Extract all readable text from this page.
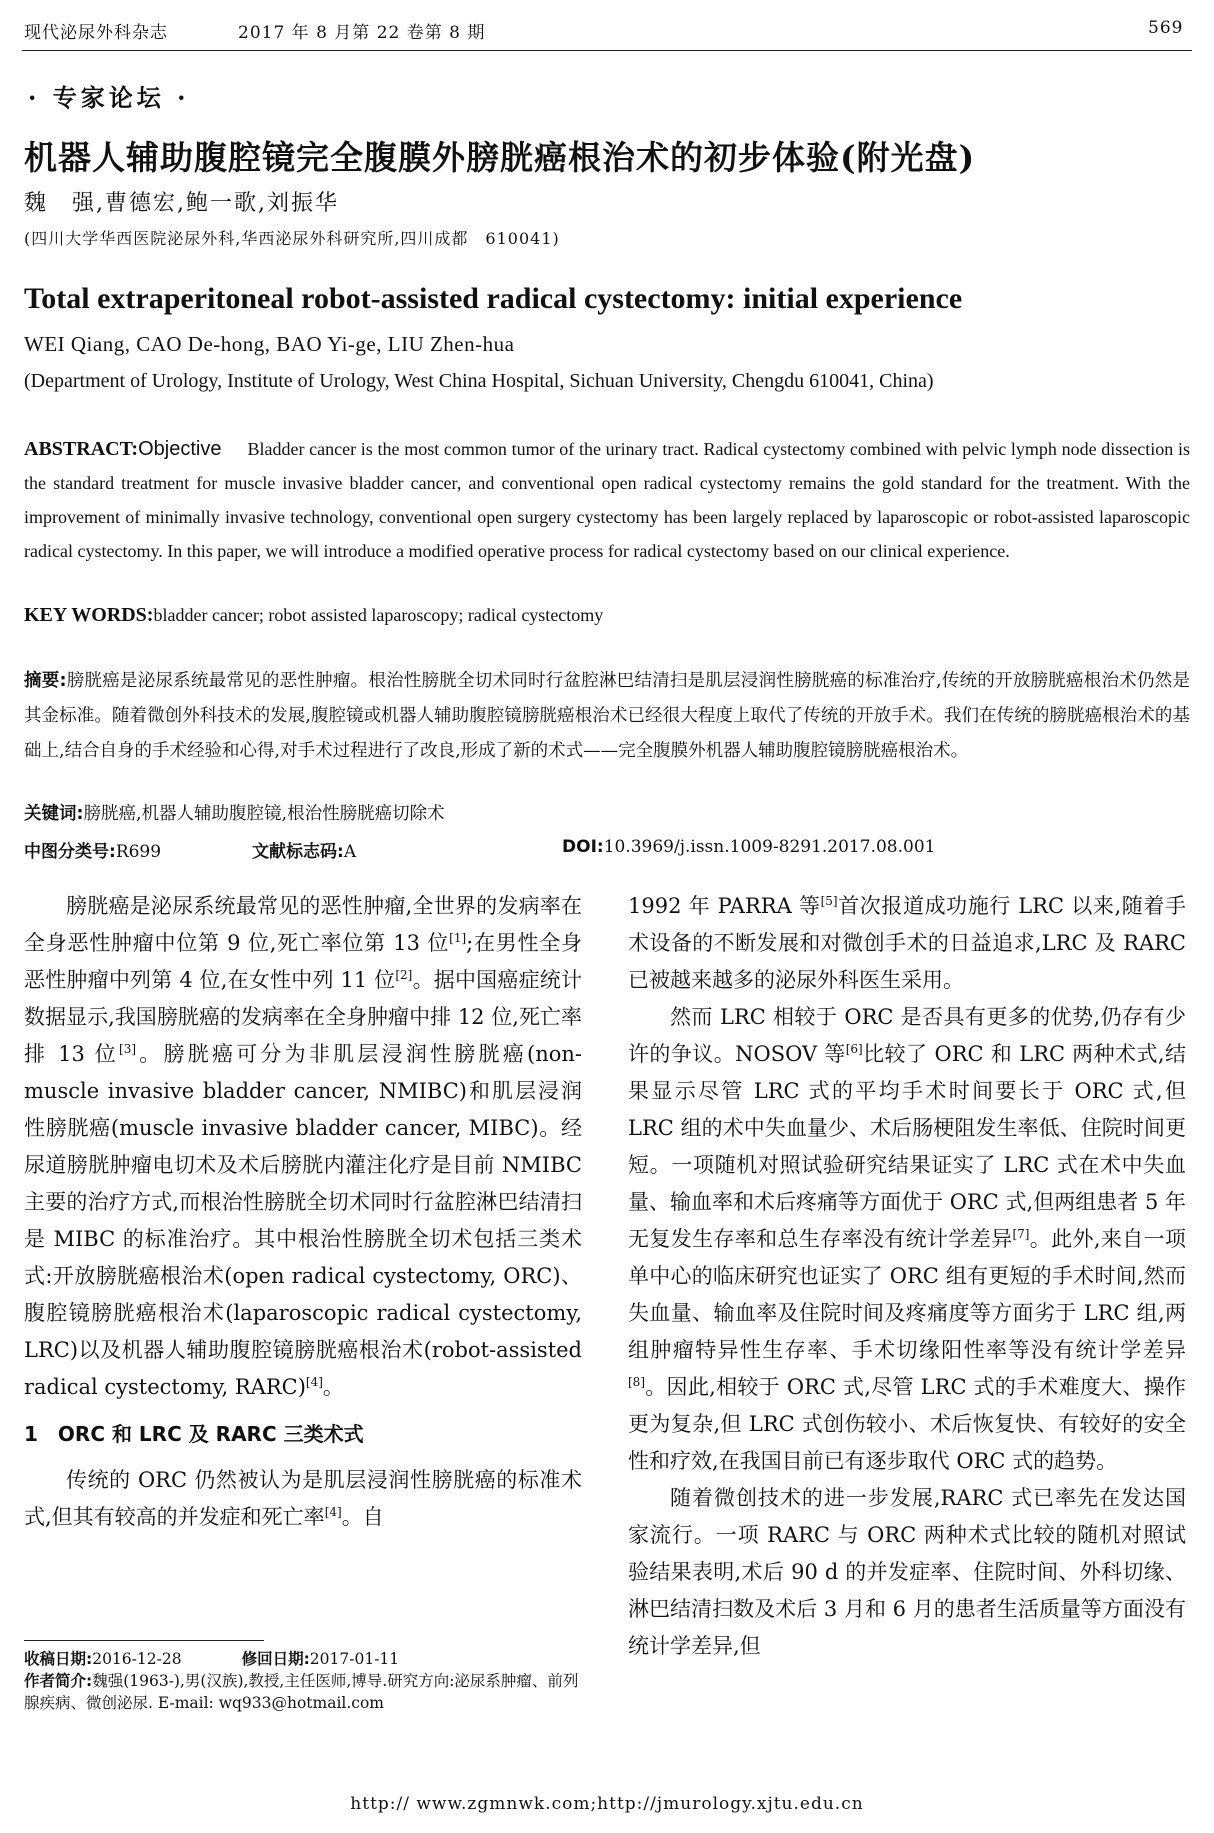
现代泌尿外科杂志	2017 年 8 月第 22 卷第 8 期	569
· 专家论坛 ·
机器人辅助腹腔镜完全腹膜外膀胱癌根治术的初步体验(附光盘)
魏　强,曹德宏,鲍一歌,刘振华
(四川大学华西医院泌尿外科,华西泌尿外科研究所,四川成都　610041)
Total extraperitoneal robot-assisted radical cystectomy: initial experience
WEI Qiang, CAO De-hong, BAO Yi-ge, LIU Zhen-hua
(Department of Urology, Institute of Urology, West China Hospital, Sichuan University, Chengdu 610041, China)
ABSTRACT:Objective Bladder cancer is the most common tumor of the urinary tract. Radical cystectomy combined with pelvic lymph node dissection is the standard treatment for muscle invasive bladder cancer, and conventional open radical cystectomy remains the gold standard for the treatment. With the improvement of minimally invasive technology, conventional open surgery cystectomy has been largely replaced by laparoscopic or robot-assisted laparoscopic radical cystectomy. In this paper, we will introduce a modified operative process for radical cystectomy based on our clinical experience.
KEY WORDS:bladder cancer; robot assisted laparoscopy; radical cystectomy
摘要:膀胱癌是泌尿系统最常见的恶性肿瘤。根治性膀胱全切术同时行盆腔淋巴结清扫是肌层浸润性膀胱癌的标准治疗,传统的开放膀胱癌根治术仍然是其金标准。随着微创外科技术的发展,腹腔镜或机器人辅助腹腔镜膀胱癌根治术已经很大程度上取代了传统的开放手术。我们在传统的膀胱癌根治术的基础上,结合自身的手术经验和心得,对手术过程进行了改良,形成了新的术式——完全腹膜外机器人辅助腹腔镜膀胱癌根治术。
关键词:膀胱癌,机器人辅助腹腔镜,根治性膀胱癌切除术
中图分类号:R699	文献标志码:A	DOI:10.3969/j.issn.1009-8291.2017.08.001

膀胱癌是泌尿系统最常见的恶性肿瘤,全世界的发病率在全身恶性肿瘤中位第 9 位,死亡率位第 13 位[1];在男性全身恶性肿瘤中列第 4 位,在女性中列 11 位[2]。据中国癌症统计数据显示,我国膀胱癌的发病率在全身肿瘤中排 12 位,死亡率排 13 位[3]。膀胱癌可分为非肌层浸润性膀胱癌(non-muscle invasive bladder cancer, NMIBC)和肌层浸润性膀胱癌(muscle invasive bladder cancer, MIBC)。经尿道膀胱肿瘤电切术及术后膀胱内灌注化疗是目前 NMIBC 主要的治疗方式,而根治性膀胱全切术同时行盆腔淋巴结清扫是 MIBC 的标准治疗。其中根治性膀胱全切术包括三类术式:开放膀胱癌根治术(open radical cystectomy, ORC)、腹腔镜膀胱癌根治术(laparoscopic radical cystectomy, LRC)以及机器人辅助腹腔镜膀胱癌根治术(robot-assisted radical cystectomy, RARC)[4]。

1　ORC 和 LRC 及 RARC 三类术式

传统的 ORC 仍然被认为是肌层浸润性膀胱癌的标准术式,但其有较高的并发症和死亡率[4]。自

1992 年 PARRA 等[5]首次报道成功施行 LRC 以来,随着手术设备的不断发展和对微创手术的日益追求,LRC 及 RARC 已被越来越多的泌尿外科医生采用。

然而 LRC 相较于 ORC 是否具有更多的优势,仍存有少许的争议。NOSOV 等[6]比较了 ORC 和 LRC 两种术式,结果显示尽管 LRC 式的平均手术时间要长于 ORC 式,但 LRC 组的术中失血量少、术后肠梗阻发生率低、住院时间更短。一项随机对照试验研究结果证实了 LRC 式在术中失血量、输血率和术后疼痛等方面优于 ORC 式,但两组患者 5 年无复发生存率和总生存率没有统计学差异[7]。此外,来自一项单中心的临床研究也证实了 ORC 组有更短的手术时间,然而失血量、输血率及住院时间及疼痛度等方面劣于 LRC 组,两组肿瘤特异性生存率、手术切缘阳性率等没有统计学差异[8]。因此,相较于 ORC 式,尽管 LRC 式的手术难度大、操作更为复杂,但 LRC 式创伤较小、术后恢复快、有较好的安全性和疗效,在我国目前已有逐步取代 ORC 式的趋势。

随着微创技术的进一步发展,RARC 式已率先在发达国家流行。一项 RARC 与 ORC 两种术式比较的随机对照试验结果表明,术后 90 d 的并发症率、住院时间、外科切缘、淋巴结清扫数及术后 3 月和 6 月的患者生活质量等方面没有统计学差异,但

收稿日期:2016-12-28	修回日期:2017-01-11
作者简介:魏强(1963-),男(汉族),教授,主任医师,博导.研究方向:泌尿系肿瘤、前列腺疾病、微创泌尿. E-mail: wq933@hotmail.com
http:// www.zgmnwk.com;http://jmurology.xjtu.edu.cn
